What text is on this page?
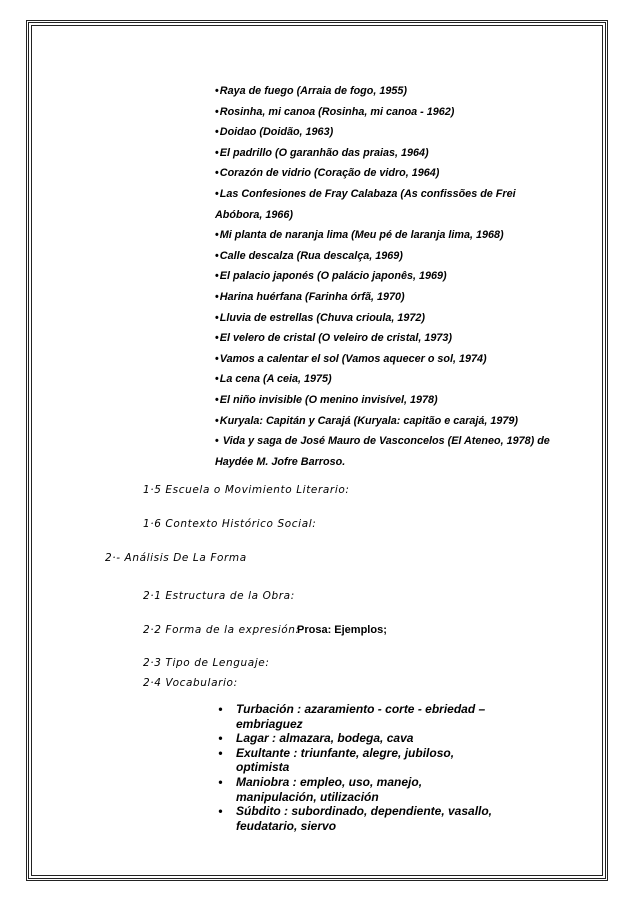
•Raya de fuego (Arraia de fogo, 1955)

•Rosinha, mi canoa (Rosinha, mi canoa - 1962)

•Doidao (Doidão, 1963)

•El padrillo (O garanhão das praias, 1964)

•Corazón de vidrio (Coração de vidro, 1964)

•Las Confesiones de Fray Calabaza (As confissões de Frei Abóbora, 1966)

•Mi planta de naranja lima (Meu pé de laranja lima, 1968)

•Calle descalza (Rua descalça, 1969)

•El palacio japonés (O palácio japonês, 1969)

•Harina huérfana (Farinha órfã, 1970)

•Lluvia de estrellas (Chuva crioula, 1972)

•El velero de cristal (O veleiro de cristal, 1973)

•Vamos a calentar el sol (Vamos aquecer o sol, 1974)

•La cena (A ceia, 1975)

•El niño invisible (O menino invisível, 1978)

•Kuryala: Capitán y Carajá (Kuryala: capitão e carajá, 1979)

• Vida y saga de José Mauro de Vasconcelos (El Ateneo, 1978) de Haydée M. Jofre Barroso.

1·5 Escuela o Movimiento Literario:
1·6 Contexto Histórico Social:
2·- Análisis De La Forma
2·1 Estructura de la Obra:
2·2 Forma de la expresión:
Prosa: Ejemplos;
2·3 Tipo de Lenguaje:
2·4 Vocabulario:
•	Turbación : azaramiento - corte - ebriedad – embriaguez
•	Lagar : almazara, bodega, cava
•	Exultante : triunfante, alegre, jubiloso, optimista
•	Maniobra : empleo, uso, manejo, manipulación, utilización
•	Súbdito : subordinado, dependiente, vasallo, feudatario, siervo
